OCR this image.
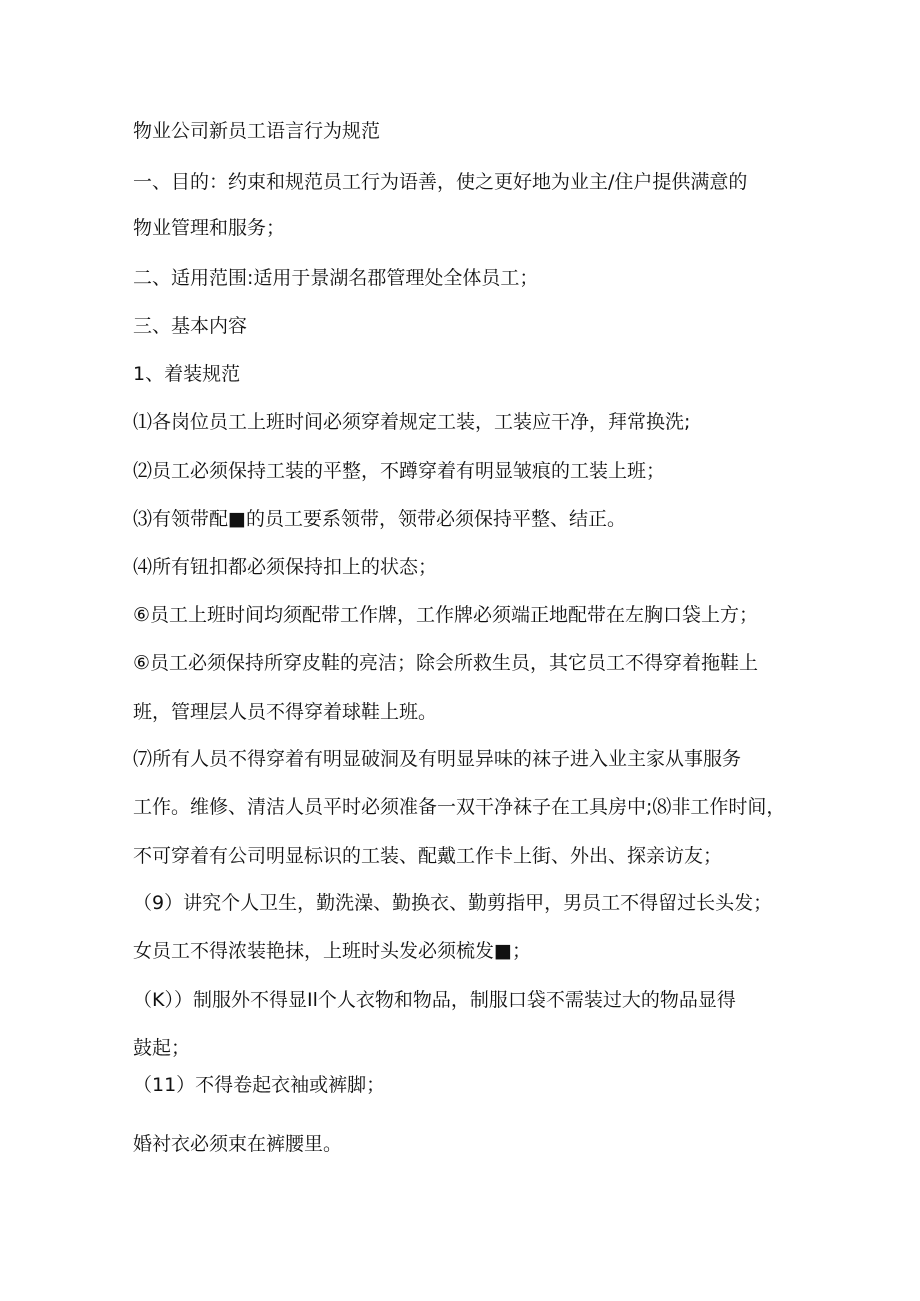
物业公司新员工语言行为规范
一、目的：约束和规范员工行为语善，使之更好地为业主/住户提供满意的
物业管理和服务；
二、适用范围:适用于景湖名郡管理处全体员工；
三、基本内容
1、着装规范
⑴各岗位员工上班时间必须穿着规定工装，工装应干净，拜常换洗;
⑵员工必须保持工装的平整，不蹲穿着有明显皱痕的工装上班；
⑶有领带配■的员工要系领带，领带必须保持平整、结正。
⑷所有钮扣都必须保持扣上的状态；
⑥员工上班时间均须配带工作牌，工作牌必须端正地配带在左胸口袋上方；
⑥员工必须保持所穿皮鞋的亮洁；除会所救生员，其它员工不得穿着拖鞋上
班，管理层人员不得穿着球鞋上班。
⑺所有人员不得穿着有明显破洞及有明显异味的袜子进入业主家从事服务
工作。维修、清洁人员平时必须准备一双干净袜子在工具房中;⑻非工作时间，
不可穿着有公司明显标识的工装、配戴工作卡上街、外出、探亲访友；
（9）讲究个人卫生，勤洗澡、勤换衣、勤剪指甲，男员工不得留过长头发；
女员工不得浓装艳抹，上班时头发必须梳发■；
（K））制服外不得显Il个人衣物和物品，制服口袋不需装过大的物品显得
鼓起；
（11）不得卷起衣袖或裤脚；
婚衬衣必须束在裤腰里。
